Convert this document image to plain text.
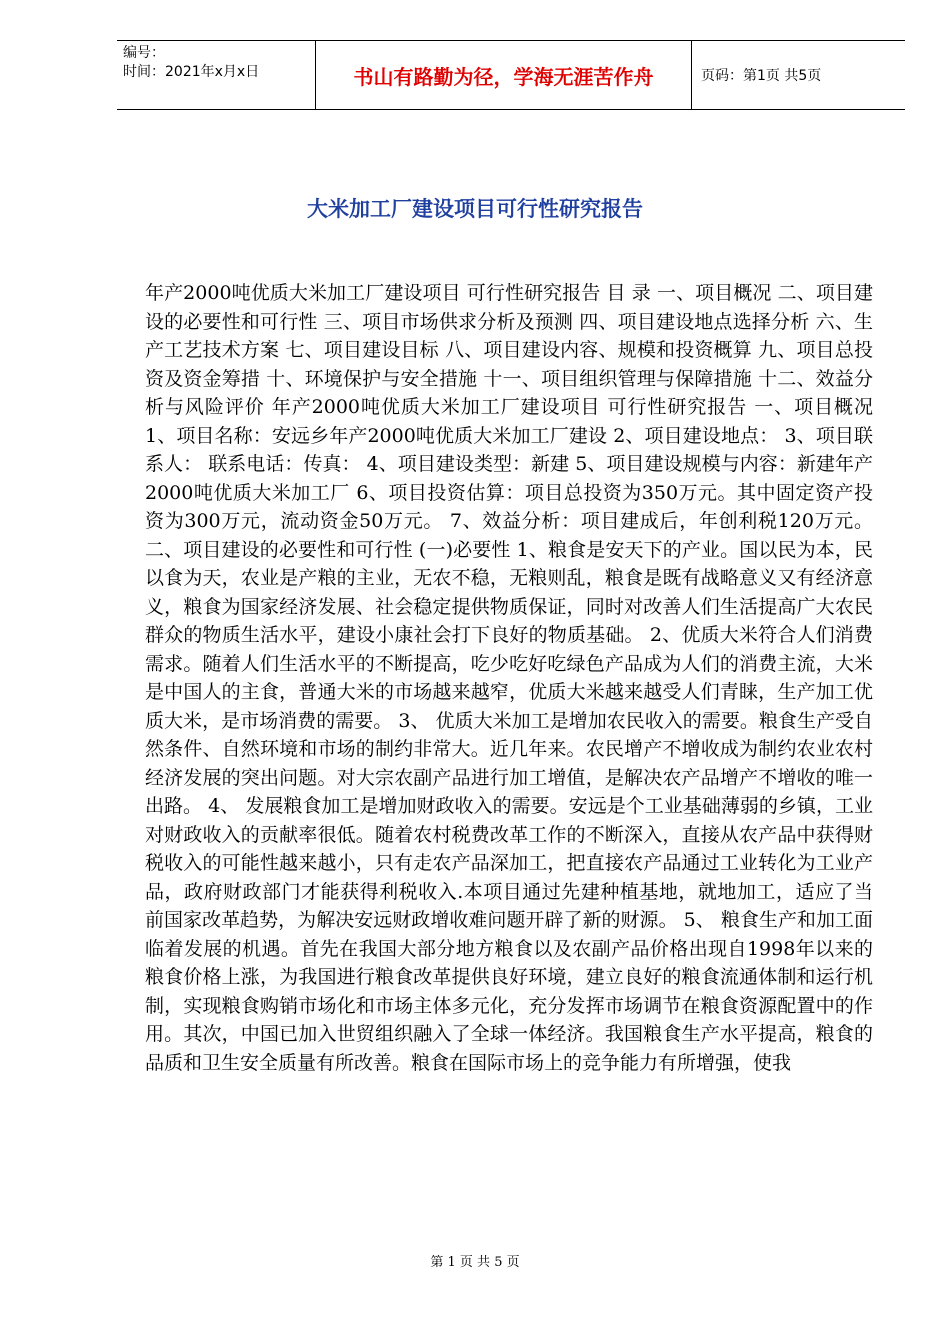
编号：
时间：2021年x月x日	书山有路勤为径，学海无涯苦作舟	页码：第1页 共5页
大米加工厂建设项目可行性研究报告
年产2000吨优质大米加工厂建设项目 可行性研究报告 目 录 一、项目概况 二、项目建设的必要性和可行性 三、项目市场供求分析及预测 四、项目建设地点选择分析 六、生产工艺技术方案 七、项目建设目标 八、项目建设内容、规模和投资概算 九、项目总投资及资金筹措 十、环境保护与安全措施 十一、项目组织管理与保障措施 十二、效益分析与风险评价 年产2000吨优质大米加工厂建设项目 可行性研究报告 一、项目概况 1、项目名称：安远乡年产2000吨优质大米加工厂建设 2、项目建设地点： 3、项目联系人： 联系电话：传真： 4、项目建设类型：新建 5、项目建设规模与内容：新建年产2000吨优质大米加工厂 6、项目投资估算：项目总投资为350万元。其中固定资产投资为300万元，流动资金50万元。 7、效益分析：项目建成后，年创利税120万元。 二、项目建设的必要性和可行性 (一)必要性 1、粮食是安天下的产业。国以民为本，民以食为天，农业是产粮的主业，无农不稳，无粮则乱，粮食是既有战略意义又有经济意义，粮食为国家经济发展、社会稳定提供物质保证，同时对改善人们生活提高广大农民群众的物质生活水平，建设小康社会打下良好的物质基础。 2、优质大米符合人们消费需求。随着人们生活水平的不断提高，吃少吃好吃绿色产品成为人们的消费主流，大米是中国人的主食，普通大米的市场越来越窄，优质大米越来越受人们青睐，生产加工优质大米，是市场消费的需要。 3、 优质大米加工是增加农民收入的需要。粮食生产受自然条件、自然环境和市场的制约非常大。近几年来。农民增产不增收成为制约农业农村经济发展的突出问题。对大宗农副产品进行加工增值，是解决农产品增产不增收的唯一出路。 4、 发展粮食加工是增加财政收入的需要。安远是个工业基础薄弱的乡镇，工业对财政收入的贡献率很低。随着农村税费改革工作的不断深入，直接从农产品中获得财税收入的可能性越来越小，只有走农产品深加工，把直接农产品通过工业转化为工业产品，政府财政部门才能获得利税收入.本项目通过先建种植基地，就地加工，适应了当前国家改革趋势，为解决安远财政增收难问题开辟了新的财源。 5、 粮食生产和加工面临着发展的机遇。首先在我国大部分地方粮食以及农副产品价格出现自1998年以来的粮食价格上涨，为我国进行粮食改革提供良好环境，建立良好的粮食流通体制和运行机制，实现粮食购销市场化和市场主体多元化，充分发挥市场调节在粮食资源配置中的作用。其次，中国已加入世贸组织融入了全球一体经济。我国粮食生产水平提高，粮食的品质和卫生安全质量有所改善。粮食在国际市场上的竞争能力有所增强，使我
第 1 页 共 5 页
